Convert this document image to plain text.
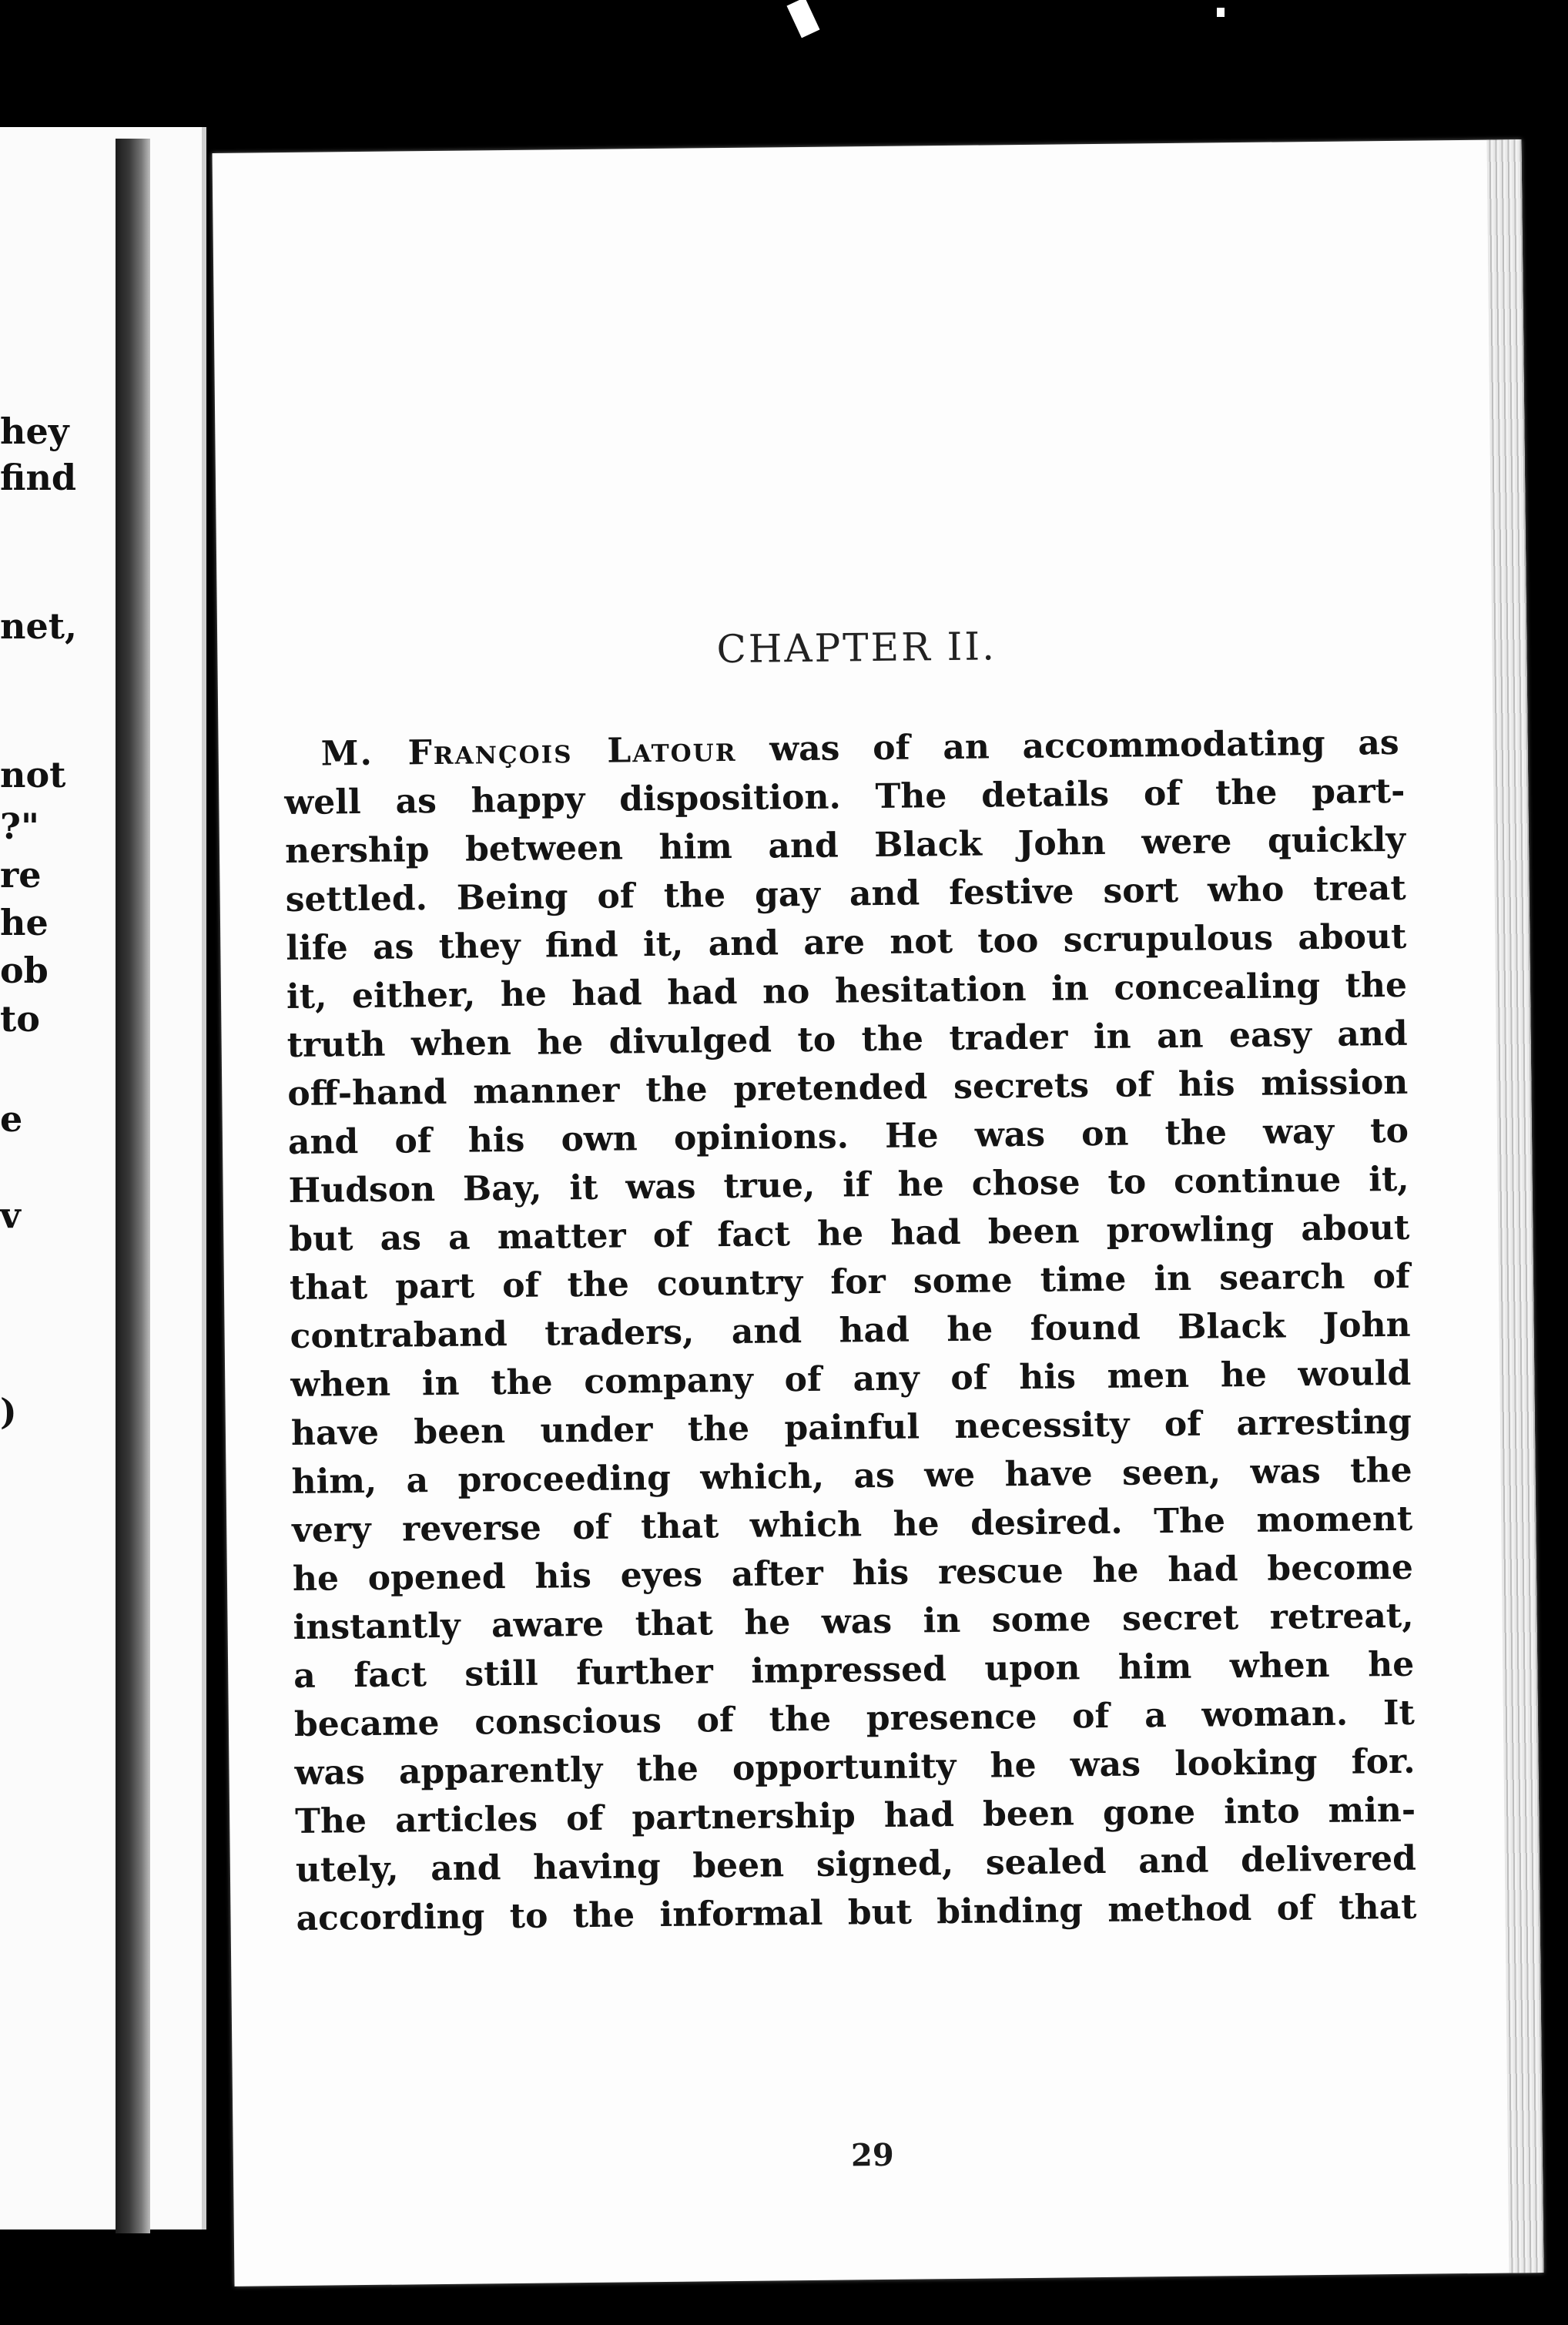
hey
find
net,
not
?"
re
he
ob
to
e
v
)
CHAPTER II.
M. François Latour was of an accommodating as
well as happy disposition. The details of the part-
nership between him and Black John were quickly
settled. Being of the gay and festive sort who treat
life as they find it, and are not too scrupulous about
it, either, he had had no hesitation in concealing the
truth when he divulged to the trader in an easy and
off-hand manner the pretended secrets of his mission
and of his own opinions. He was on the way to
Hudson Bay, it was true, if he chose to continue it,
but as a matter of fact he had been prowling about
that part of the country for some time in search of
contraband traders, and had he found Black John
when in the company of any of his men he would
have been under the painful necessity of arresting
him, a proceeding which, as we have seen, was the
very reverse of that which he desired. The moment
he opened his eyes after his rescue he had become
instantly aware that he was in some secret retreat,
a fact still further impressed upon him when he
became conscious of the presence of a woman. It
was apparently the opportunity he was looking for.
The articles of partnership had been gone into min-
utely, and having been signed, sealed and delivered
according to the informal but binding method of that
29
